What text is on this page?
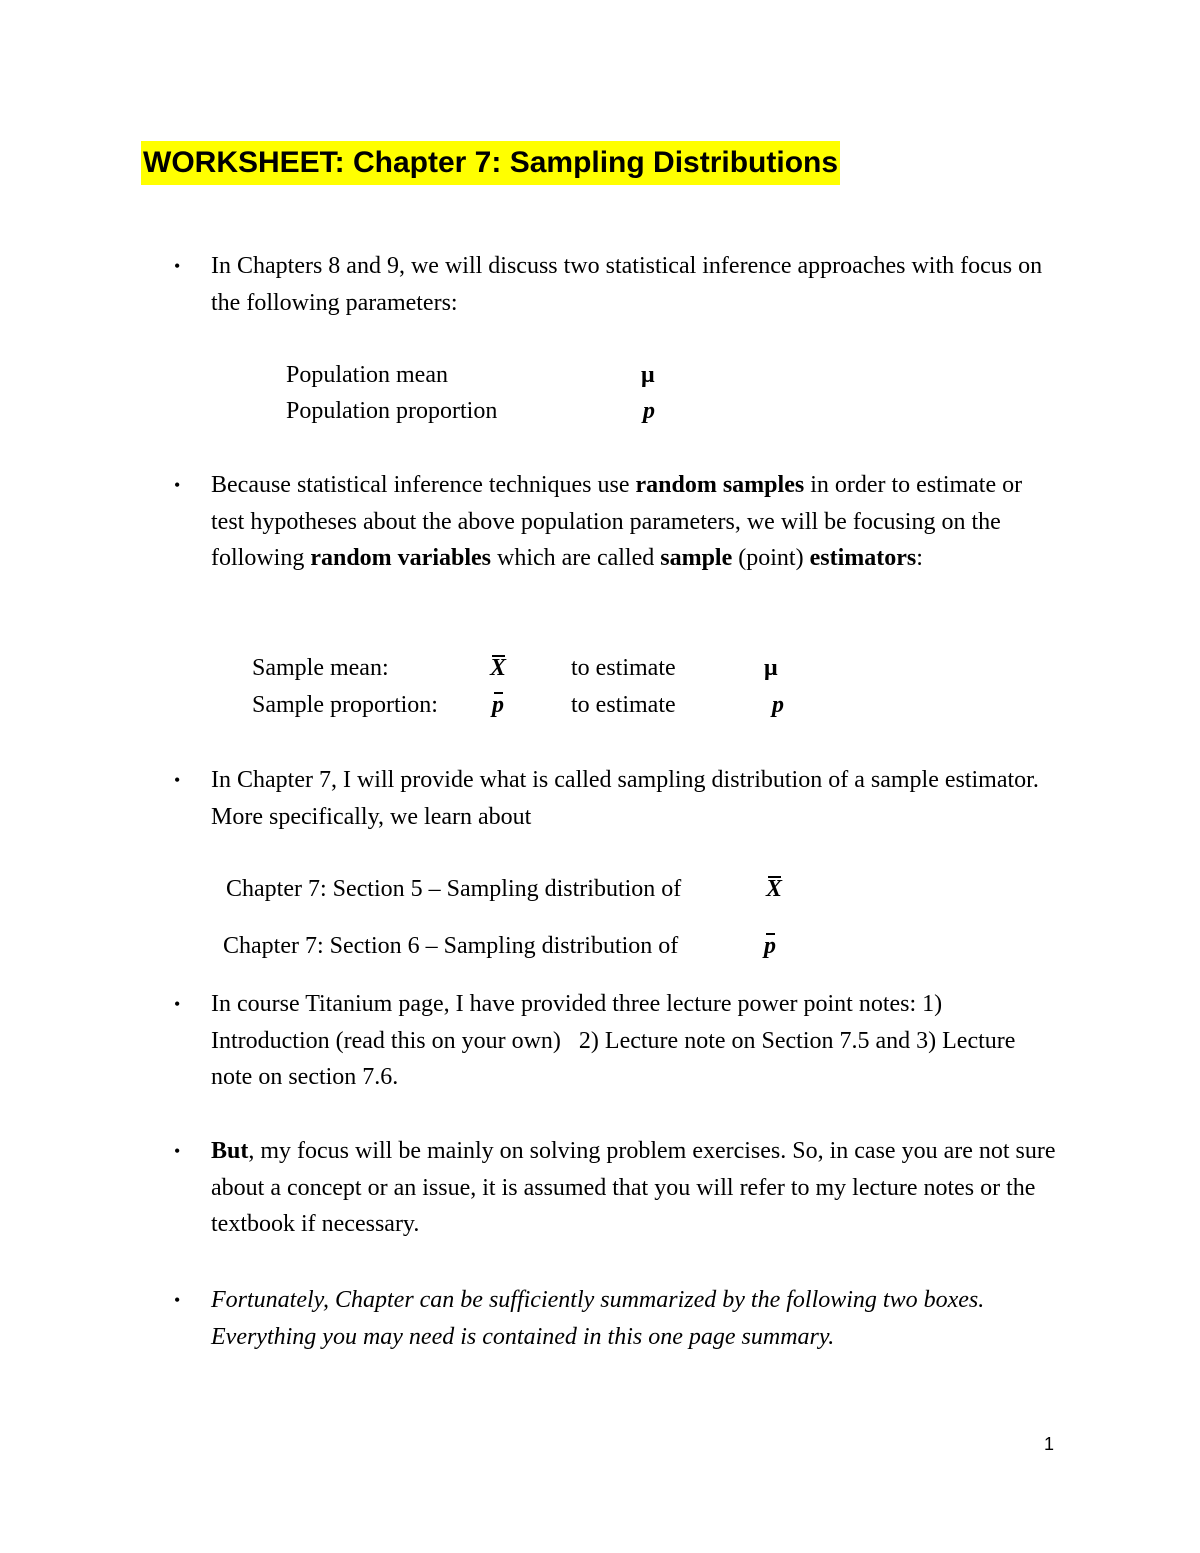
WORKSHEET: Chapter 7: Sampling Distributions
• In Chapters 8 and 9, we will discuss two statistical inference approaches with focus on the following parameters:
Population mean	μ
Population proportion	p
• Because statistical inference techniques use random samples in order to estimate or test hypotheses about the above population parameters, we will be focusing on the following random variables which are called sample (point) estimators:
Sample mean:	X	to estimate	μ
Sample proportion: p	to estimate	p
• In Chapter 7, I will provide what is called sampling distribution of a sample estimator. More specifically, we learn about
Chapter 7: Section 5 – Sampling distribution of	X
Chapter 7: Section 6 – Sampling distribution of	p
• In course Titanium page, I have provided three lecture power point notes: 1) Introduction (read this on your own)   2) Lecture note on Section 7.5 and 3) Lecture note on section 7.6.
• But, my focus will be mainly on solving problem exercises. So, in case you are not sure about a concept or an issue, it is assumed that you will refer to my lecture notes or the textbook if necessary.
• Fortunately, Chapter can be sufficiently summarized by the following two boxes. Everything you may need is contained in this one page summary.
1
